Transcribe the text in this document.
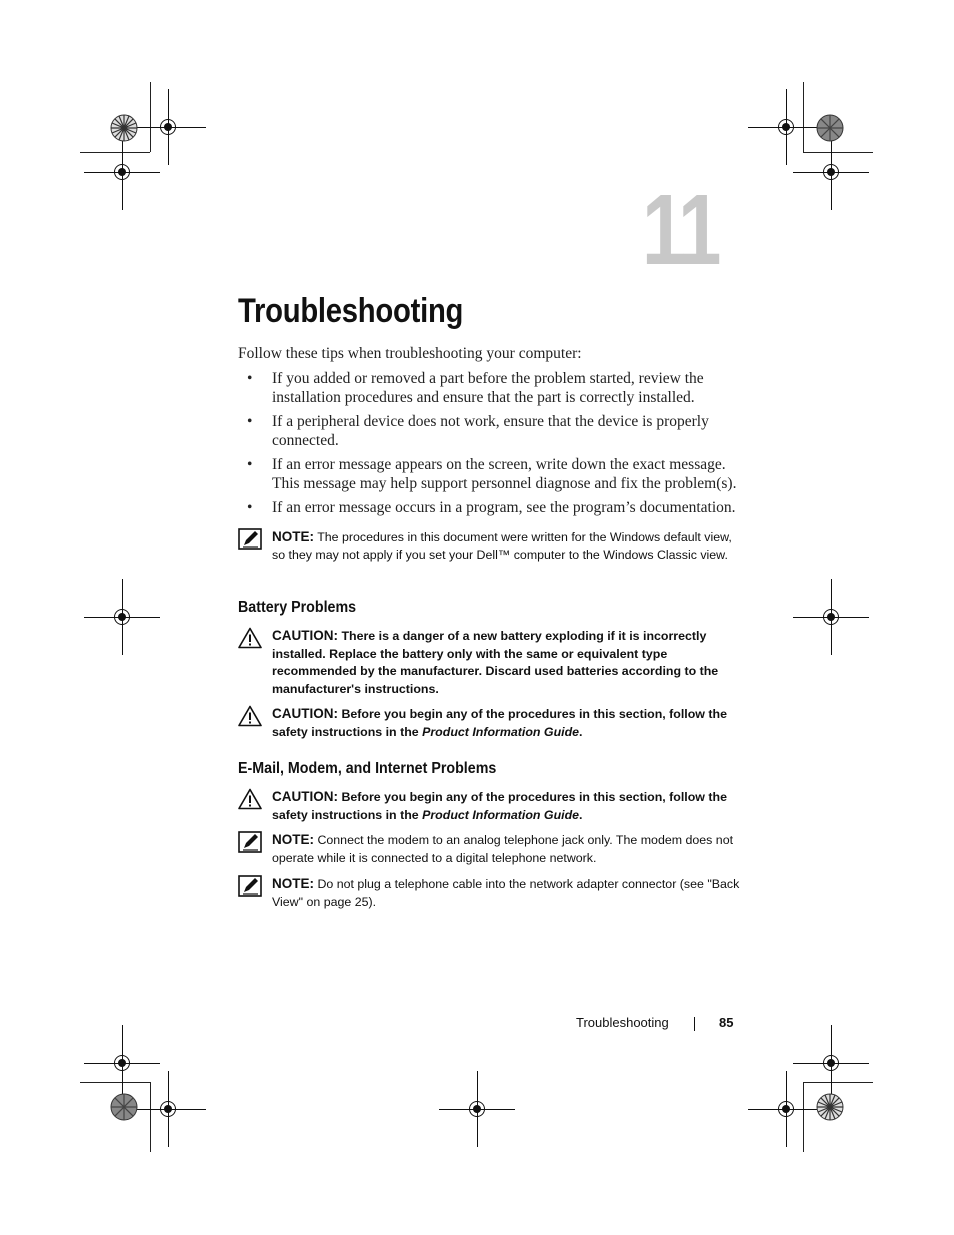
11
Troubleshooting

Follow these tips when troubleshooting your computer:

• If you added or removed a part before the problem started, review the installation procedures and ensure that the part is correctly installed.
• If a peripheral device does not work, ensure that the device is properly connected.
• If an error message appears on the screen, write down the exact message. This message may help support personnel diagnose and fix the problem(s).
• If an error message occurs in a program, see the program’s documentation.
NOTE: The procedures in this document were written for the Windows default view, so they may not apply if you set your Dell™ computer to the Windows Classic view.
Battery Problems
CAUTION: There is a danger of a new battery exploding if it is incorrectly installed. Replace the battery only with the same or equivalent type recommended by the manufacturer. Discard used batteries according to the manufacturer's instructions.
CAUTION: Before you begin any of the procedures in this section, follow the safety instructions in the Product Information Guide.
E-Mail, Modem, and Internet Problems
CAUTION: Before you begin any of the procedures in this section, follow the safety instructions in the Product Information Guide.
NOTE: Connect the modem to an analog telephone jack only. The modem does not operate while it is connected to a digital telephone network.
NOTE: Do not plug a telephone cable into the network adapter connector (see "Back View" on page 25).
Troubleshooting	85
